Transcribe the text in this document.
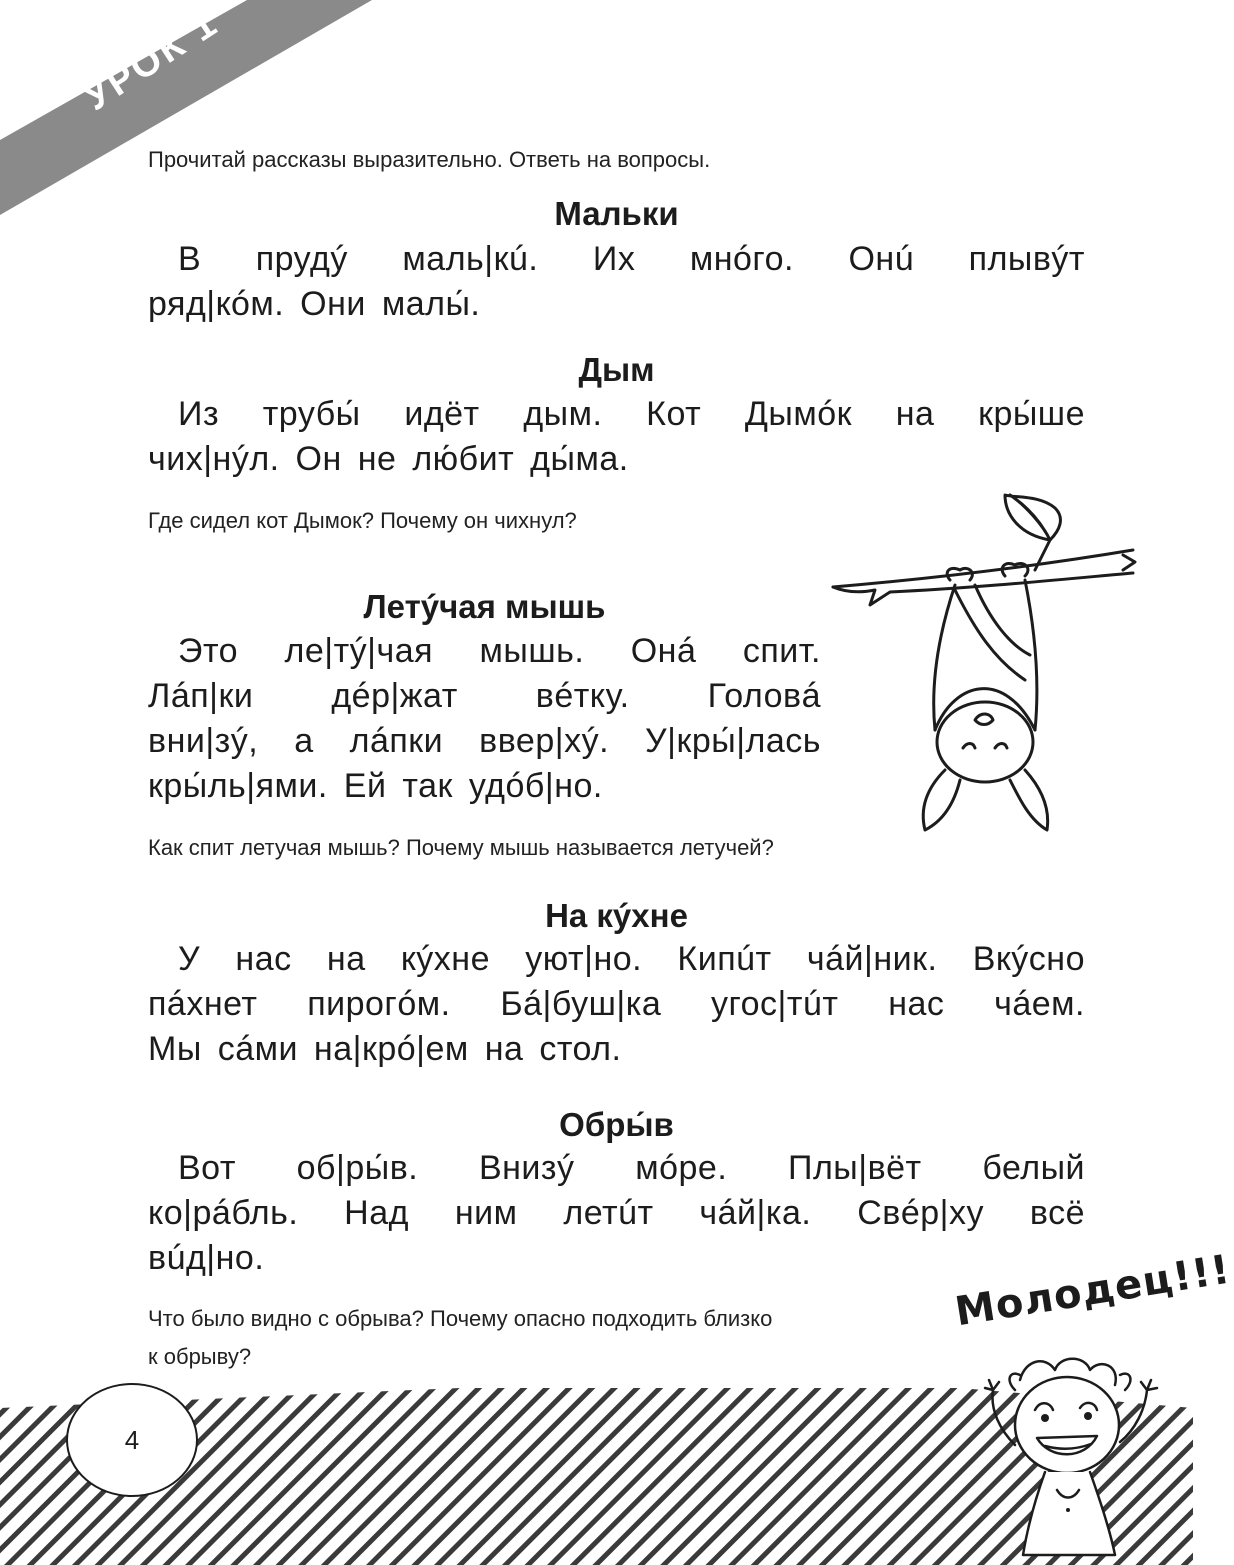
УРОК 1
Прочитай рассказы выразительно. Ответь на вопросы.
Мальки
В прудý маль|кú. Их мнóго. Онú плывýт
ряд|кóм. Они малы́.
Дым
Из трубы́ идёт дым. Кот Дымóк на кры́ше
чих|нýл. Он не лю́бит ды́ма.
Где сидел кот Дымок? Почему он чихнул?
Летýчая мышь
Это ле|тý|чая мышь. Онá спит.
Лáп|ки дéр|жат вéтку. Головá
вни|зý, а лáпки ввер|хý. У|кры́|лась
кры́ль|ями. Ей так удóб|но.
Как спит летучая мышь? Почему мышь называется летучей?
На кýхне
У нас на кýхне уют|но. Кипúт чáй|ник. Вкýсно
пáхнет пирогóм. Бá|буш|ка угос|тúт нас чáем.
Мы сáми на|крó|ем на стол.
Обры́в
Вот об|ры́в. Внизý мóре. Плы|вёт белый
ко|рáбль. Над ним летúт чáй|ка. Свéр|ху всё
вúд|но.
Что было видно с обрыва? Почему опасно подходить близко
к обрыву?
4
Молодец!!!
